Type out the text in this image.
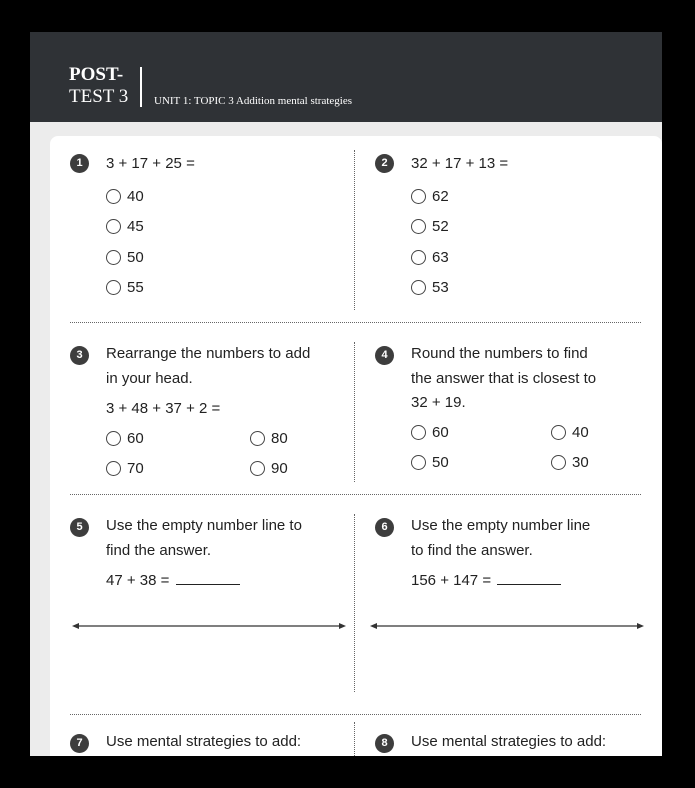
POST-
TEST 3 UNIT 1: TOPIC 3 Addition mental strategies
1	3 + 17 + 25 =
40
45
50
55
2	32 + 17 + 13 =
62
52
63
53
3	Rearrange the numbers to add
in your head.
3 + 48 + 37 + 2 =
60	80
70	90
4	Round the numbers to find
the answer that is closest to
32 + 19.
60	40
50	30
5	Use the empty number line to
find the answer.
47 + 38 =
6	Use the empty number line
to find the answer.
156 + 147 =
7	Use mental strategies to add:	8	Use mental strategies to add:
